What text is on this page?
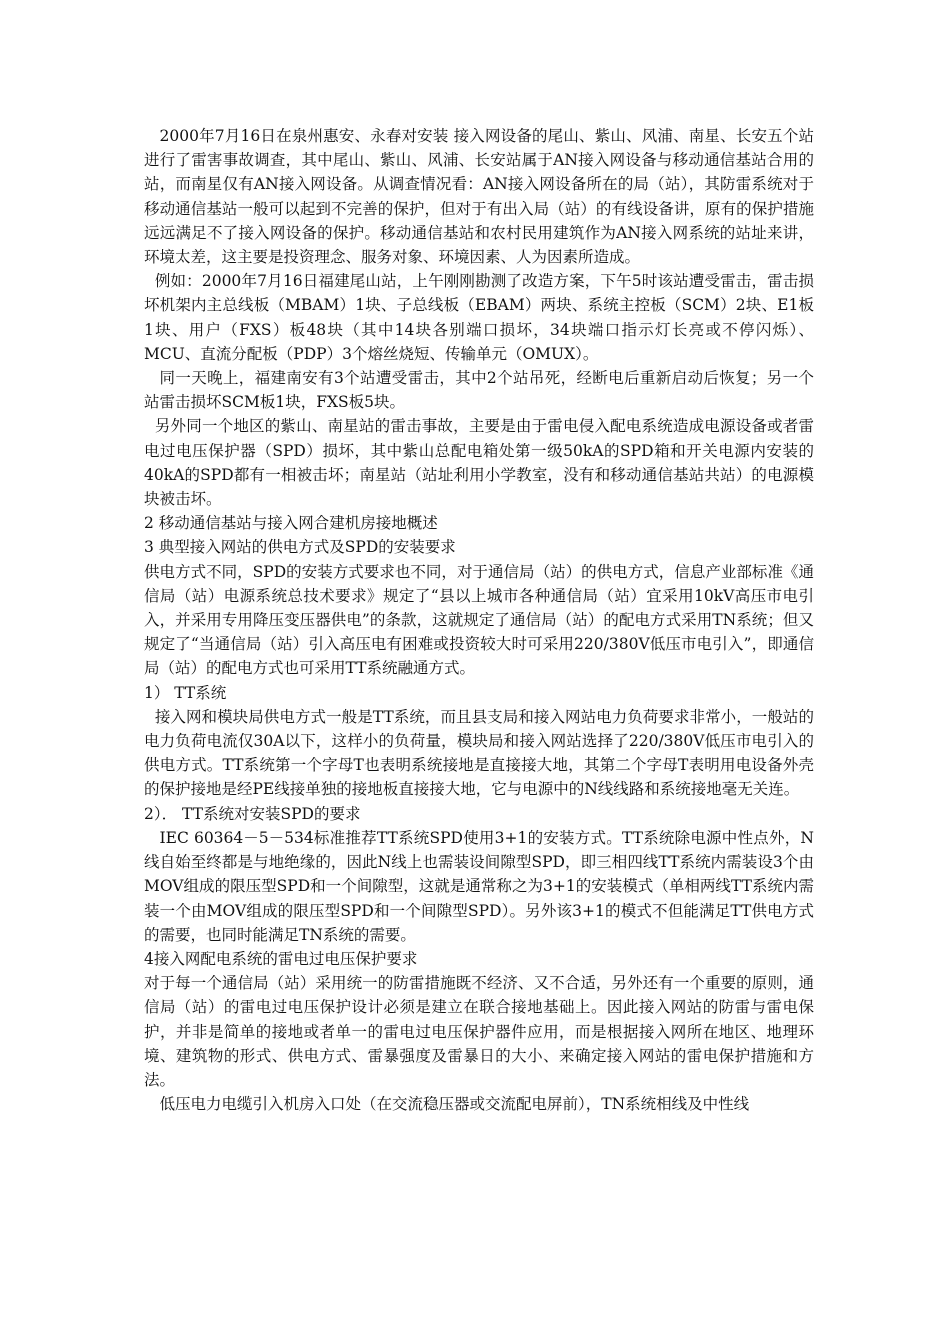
2000年7月16日在泉州惠安、永春对安装 接入网设备的尾山、紫山、风浦、南星、长安五个站进行了雷害事故调查，其中尾山、紫山、风浦、长安站属于AN接入网设备与移动通信基站合用的站，而南星仅有AN接入网设备。从调查情况看：AN接入网设备所在的局（站），其防雷系统对于移动通信基站一般可以起到不完善的保护，但对于有出入局（站）的有线设备讲，原有的保护措施远远满足不了接入网设备的保护。移动通信基站和农村民用建筑作为AN接入网系统的站址来讲，环境太差，这主要是投资理念、服务对象、环境因素、人为因素所造成。

例如：2000年7月16日福建尾山站，上午刚刚勘测了改造方案，下午5时该站遭受雷击，雷击损坏机架内主总线板（MBAM）1块、子总线板（EBAM）两块、系统主控板（SCM）2块、E1板1块、用户（FXS）板48块（其中14块各别端口损坏，34块端口指示灯长亮或不停闪烁）、MCU、直流分配板（PDP）3个熔丝烧短、传输单元（OMUX）。

同一天晚上，福建南安有3个站遭受雷击，其中2个站吊死，经断电后重新启动后恢复；另一个站雷击损坏SCM板1块，FXS板5块。

另外同一个地区的紫山、南星站的雷击事故，主要是由于雷电侵入配电系统造成电源设备或者雷电过电压保护器（SPD）损坏，其中紫山总配电箱处第一级50kA的SPD箱和开关电源内安装的40kA的SPD都有一相被击坏；南星站（站址利用小学教室，没有和移动通信基站共站）的电源模块被击坏。

2 移动通信基站与接入网合建机房接地概述

3 典型接入网站的供电方式及SPD的安装要求

供电方式不同，SPD的安装方式要求也不同，对于通信局（站）的供电方式，信息产业部标准《通信局（站）电源系统总技术要求》规定了“县以上城市各种通信局（站）宜采用10kV高压市电引入，并采用专用降压变压器供电”的条款，这就规定了通信局（站）的配电方式采用TN系统；但又规定了“当通信局（站）引入高压电有困难或投资较大时可采用220/380V低压市电引入”，即通信局（站）的配电方式也可采用TT系统融通方式。

1） TT系统

接入网和模块局供电方式一般是TT系统，而且县支局和接入网站电力负荷要求非常小，一般站的电力负荷电流仅30A以下，这样小的负荷量，模块局和接入网站选择了220/380V低压市电引入的供电方式。TT系统第一个字母T也表明系统接地是直接接大地，其第二个字母T表明用电设备外壳的保护接地是经PE线接单独的接地板直接接大地，它与电源中的N线线路和系统接地毫无关连。

2）． TT系统对安装SPD的要求

IEC 60364－5－534标准推荐TT系统SPD使用3+1的安装方式。TT系统除电源中性点外，N线自始至终都是与地绝缘的，因此N线上也需装设间隙型SPD，即三相四线TT系统内需装设3个由MOV组成的限压型SPD和一个间隙型，这就是通常称之为3+1的安装模式（单相两线TT系统内需装一个由MOV组成的限压型SPD和一个间隙型SPD）。另外该3+1的模式不但能满足TT供电方式的需要，也同时能满足TN系统的需要。

4接入网配电系统的雷电过电压保护要求

对于每一个通信局（站）采用统一的防雷措施既不经济、又不合适，另外还有一个重要的原则，通信局（站）的雷电过电压保护设计必须是建立在联合接地基础上。因此接入网站的防雷与雷电保护，并非是简单的接地或者单一的雷电过电压保护器件应用，而是根据接入网所在地区、地理环境、建筑物的形式、供电方式、雷暴强度及雷暴日的大小、来确定接入网站的雷电保护措施和方法。

低压电力电缆引入机房入口处（在交流稳压器或交流配电屏前），TN系统相线及中性线
